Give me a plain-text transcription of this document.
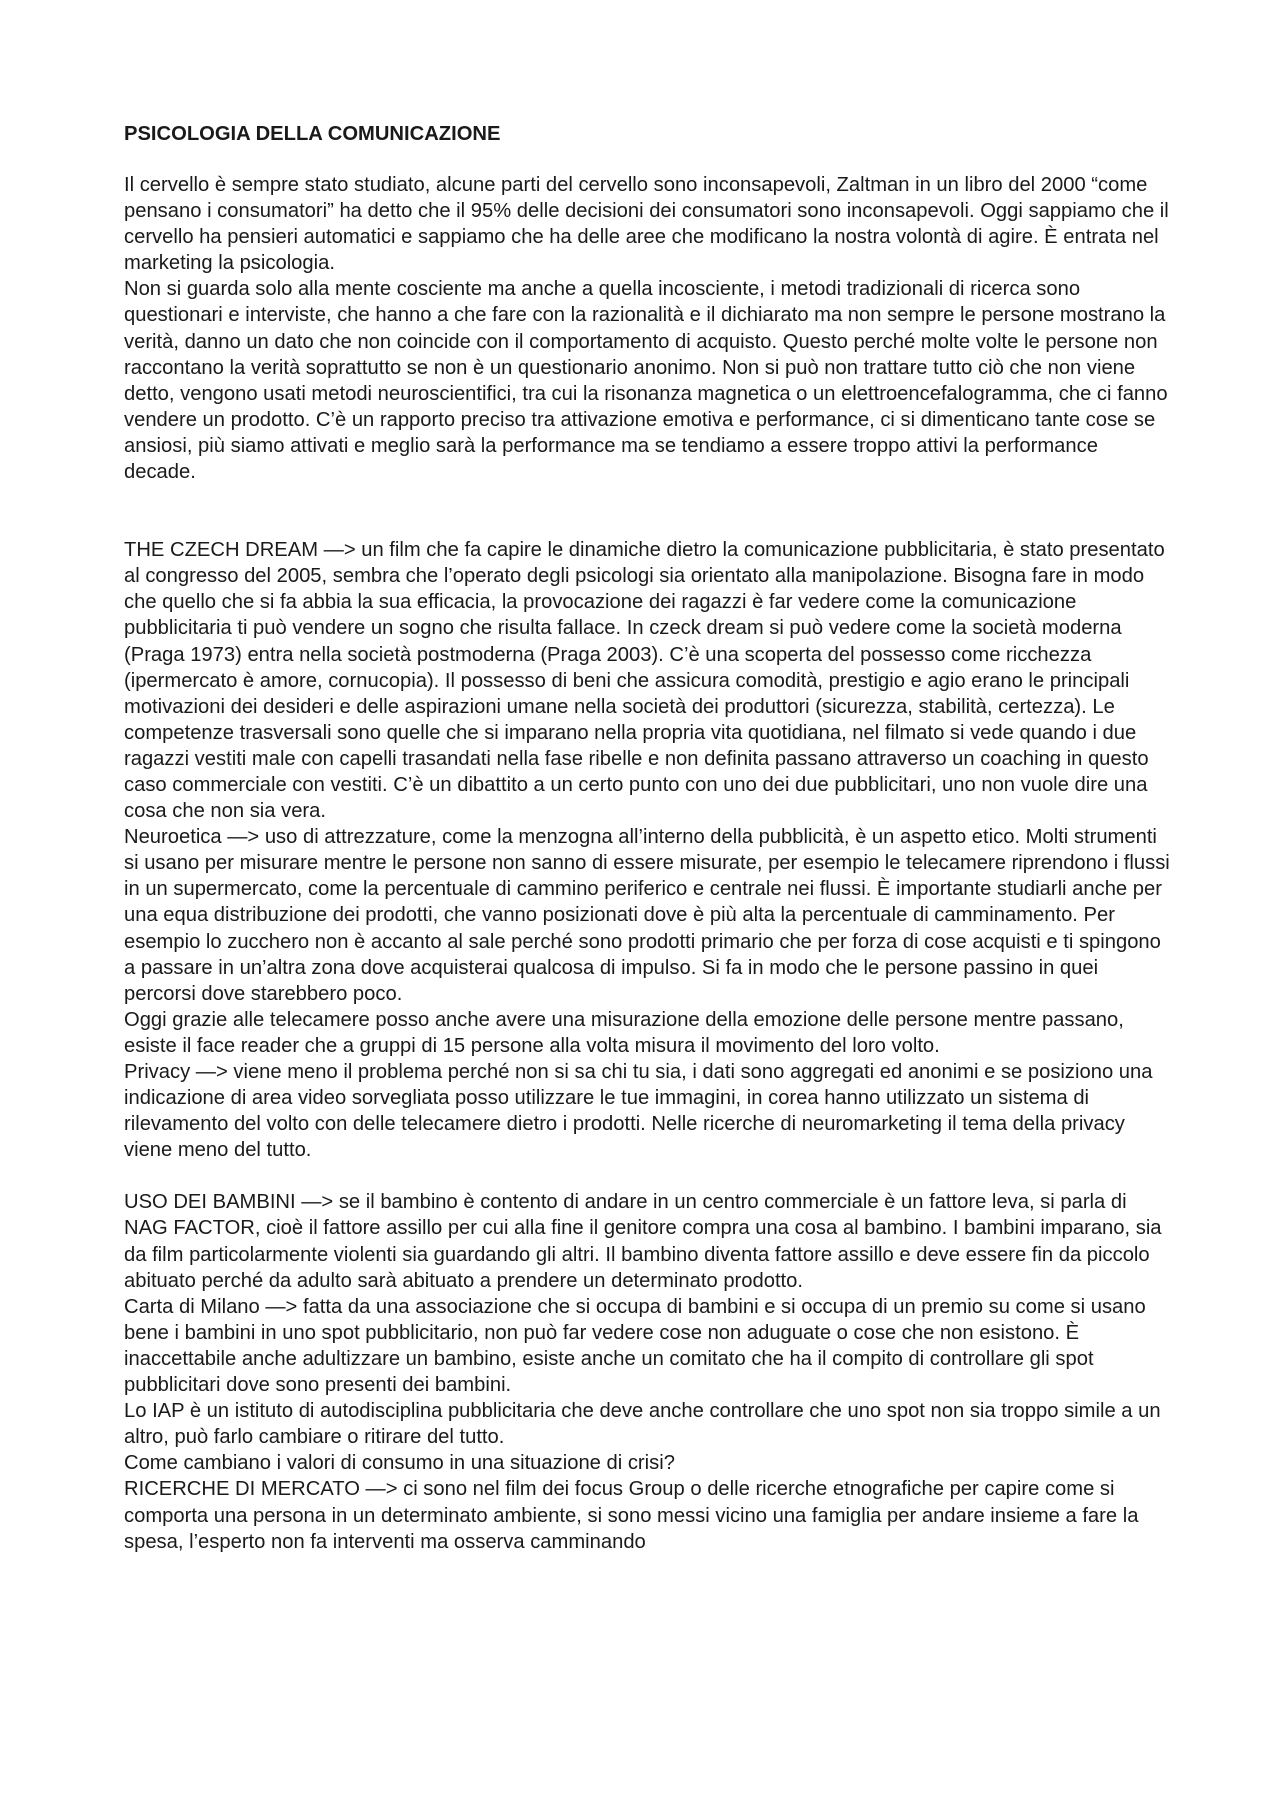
PSICOLOGIA DELLA COMUNICAZIONE

Il cervello è sempre stato studiato, alcune parti del cervello sono inconsapevoli, Zaltman in un libro del 2000 “come pensano i consumatori” ha detto che il 95% delle decisioni dei consumatori sono inconsapevoli. Oggi sappiamo che il cervello ha pensieri automatici e sappiamo che ha delle aree che modificano la nostra volontà di agire. È entrata nel marketing la psicologia.

Non si guarda solo alla mente cosciente ma anche a quella incosciente, i metodi tradizionali di ricerca sono questionari e interviste, che hanno a che fare con la razionalità e il dichiarato ma non sempre le persone mostrano la verità, danno un dato che non coincide con il comportamento di acquisto. Questo perché molte volte le persone non raccontano la verità soprattutto se non è un questionario anonimo. Non si può non trattare tutto ciò che non viene detto, vengono usati metodi neuroscientifici, tra cui la risonanza magnetica o un elettroencefalogramma, che ci fanno vendere un prodotto. C’è un rapporto preciso tra attivazione emotiva e performance, ci si dimenticano tante cose se ansiosi, più siamo attivati e meglio sarà la performance ma se tendiamo a essere troppo attivi la performance decade.

THE CZECH DREAM —> un film che fa capire le dinamiche dietro la comunicazione pubblicitaria, è stato presentato al congresso del 2005, sembra che l’operato degli psicologi sia orientato alla manipolazione. Bisogna fare in modo che quello che si fa abbia la sua efficacia, la provocazione dei ragazzi è far vedere come la comunicazione pubblicitaria ti può vendere un sogno che risulta fallace. In czeck dream si può vedere come la società moderna (Praga 1973) entra nella società postmoderna (Praga 2003). C’è una scoperta del possesso come ricchezza (ipermercato è amore, cornucopia). Il possesso di beni che assicura comodità, prestigio e agio erano le principali motivazioni dei desideri e delle aspirazioni umane nella società dei produttori (sicurezza, stabilità, certezza). Le competenze trasversali sono quelle che si imparano nella propria vita quotidiana, nel filmato si vede quando i due ragazzi vestiti male con capelli trasandati nella fase ribelle e non definita passano attraverso un coaching in questo caso commerciale con vestiti. C’è un dibattito a un certo punto con uno dei due pubblicitari, uno non vuole dire una cosa che non sia vera.

Neuroetica —> uso di attrezzature, come la menzogna all’interno della pubblicità, è un aspetto etico. Molti strumenti si usano per misurare mentre le persone non sanno di essere misurate, per esempio le telecamere riprendono i flussi in un supermercato, come la percentuale di cammino periferico e centrale nei flussi. È importante studiarli anche per una equa distribuzione dei prodotti, che vanno posizionati dove è più alta la percentuale di camminamento. Per esempio lo zucchero non è accanto al sale perché sono prodotti primario che per forza di cose acquisti e ti spingono a passare in un’altra zona dove acquisterai qualcosa di impulso. Si fa in modo che le persone passino in quei percorsi dove starebbero poco.

Oggi grazie alle telecamere posso anche avere una misurazione della emozione delle persone mentre passano, esiste il face reader che a gruppi di 15 persone alla volta misura il movimento del loro volto.

Privacy —> viene meno il problema perché non si sa chi tu sia, i dati sono aggregati ed anonimi e se posiziono una indicazione di area video sorvegliata posso utilizzare le tue immagini, in corea hanno utilizzato un sistema di rilevamento del volto con delle telecamere dietro i prodotti. Nelle ricerche di neuromarketing il tema della privacy viene meno del tutto.

USO DEI BAMBINI —> se il bambino è contento di andare in un centro commerciale è un fattore leva, si parla di NAG FACTOR, cioè il fattore assillo per cui alla fine il genitore compra una cosa al bambino. I bambini imparano, sia da film particolarmente violenti sia guardando gli altri. Il bambino diventa fattore assillo e deve essere fin da piccolo abituato perché da adulto sarà abituato a prendere un determinato prodotto.

Carta di Milano —> fatta da una associazione che si occupa di bambini e si occupa di un premio su come si usano bene i bambini in uno spot pubblicitario, non può far vedere cose non aduguate o cose che non esistono. È inaccettabile anche adultizzare un bambino, esiste anche un comitato che ha il compito di controllare gli spot pubblicitari dove sono presenti dei bambini.

Lo IAP è un istituto di autodisciplina pubblicitaria che deve anche controllare che uno spot non sia troppo simile a un altro, può farlo cambiare o ritirare del tutto.

Come cambiano i valori di consumo in una situazione di crisi?

RICERCHE DI MERCATO —> ci sono nel film dei focus Group o delle ricerche etnografiche per capire come si comporta una persona in un determinato ambiente, si sono messi vicino una famiglia per andare insieme a fare la spesa, l’esperto non fa interventi ma osserva camminando
